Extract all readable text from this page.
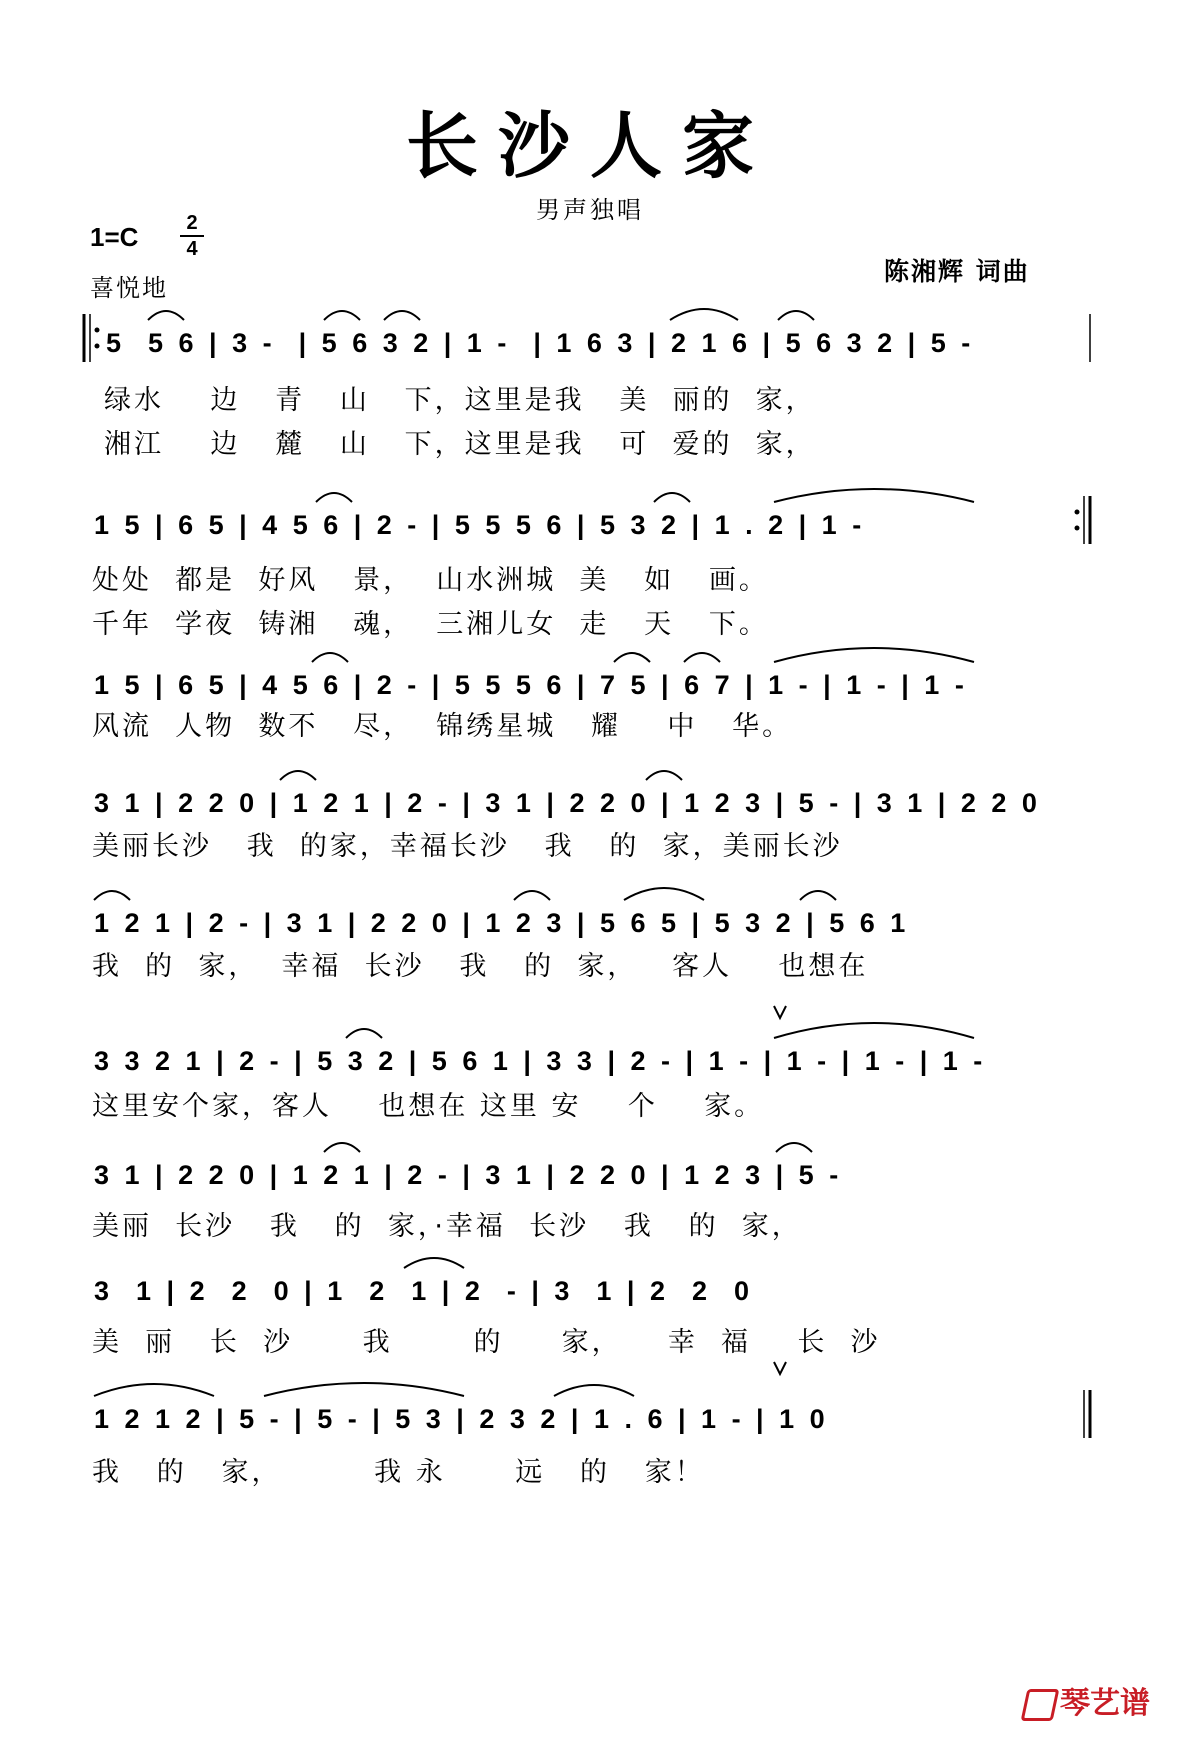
长沙人家
男声独唱
1=C	2
4
喜悦地
陈湘辉 词曲
5  5 6 | 3 -  | 5 6 3 2 | 1 -  | 1 6 3 | 2 1 6 | 5 6 3 2 | 5 -
绿水    边   青   山   下，这里是我   美  丽的  家，
湘江    边   麓   山   下，这里是我   可  爱的  家，
1 5 | 6 5 | 4 5 6 | 2 - | 5 5 5 6 | 5 3 2 | 1 . 2 | 1 -
处处  都是  好风   景，  山水洲城  美   如   画。
千年  学夜  铸湘   魂，  三湘儿女  走   天   下。
1 5 | 6 5 | 4 5 6 | 2 - | 5 5 5 6 | 7 5 | 6 7 | 1 - | 1 - | 1 -
风流  人物  数不   尽，  锦绣星城   耀    中   华。
3 1 | 2 2 0 | 1 2 1 | 2 - | 3 1 | 2 2 0 | 1 2 3 | 5 - | 3 1 | 2 2 0
美丽长沙   我  的家，幸福长沙   我   的  家，美丽长沙
1 2 1 | 2 - | 3 1 | 2 2 0 | 1 2 3 | 5 6 5 | 5 3 2 | 5 6 1
我  的  家，  幸福  长沙   我   的  家，   客人    也想在
3 3 2 1 | 2 - | 5 3 2 | 5 6 1 | 3 3 | 2 - | 1 - | 1 - | 1 - | 1 -
这里安个家，客人    也想在 这里 安    个    家。
3 1 | 2 2 0 | 1 2 1 | 2 - | 3 1 | 2 2 0 | 1 2 3 | 5 -
美丽  长沙   我   的  家，·幸福  长沙   我   的  家，
3  1 | 2  2  0 | 1  2  1 | 2  - | 3  1 | 2  2  0
美  丽   长  沙      我       的     家，    幸  福    长  沙
1 2 1 2 | 5 - | 5 - | 5 3 | 2 3 2 | 1 . 6 | 1 - | 1 0
我   的   家，        我 永      远   的   家！
琴艺谱
